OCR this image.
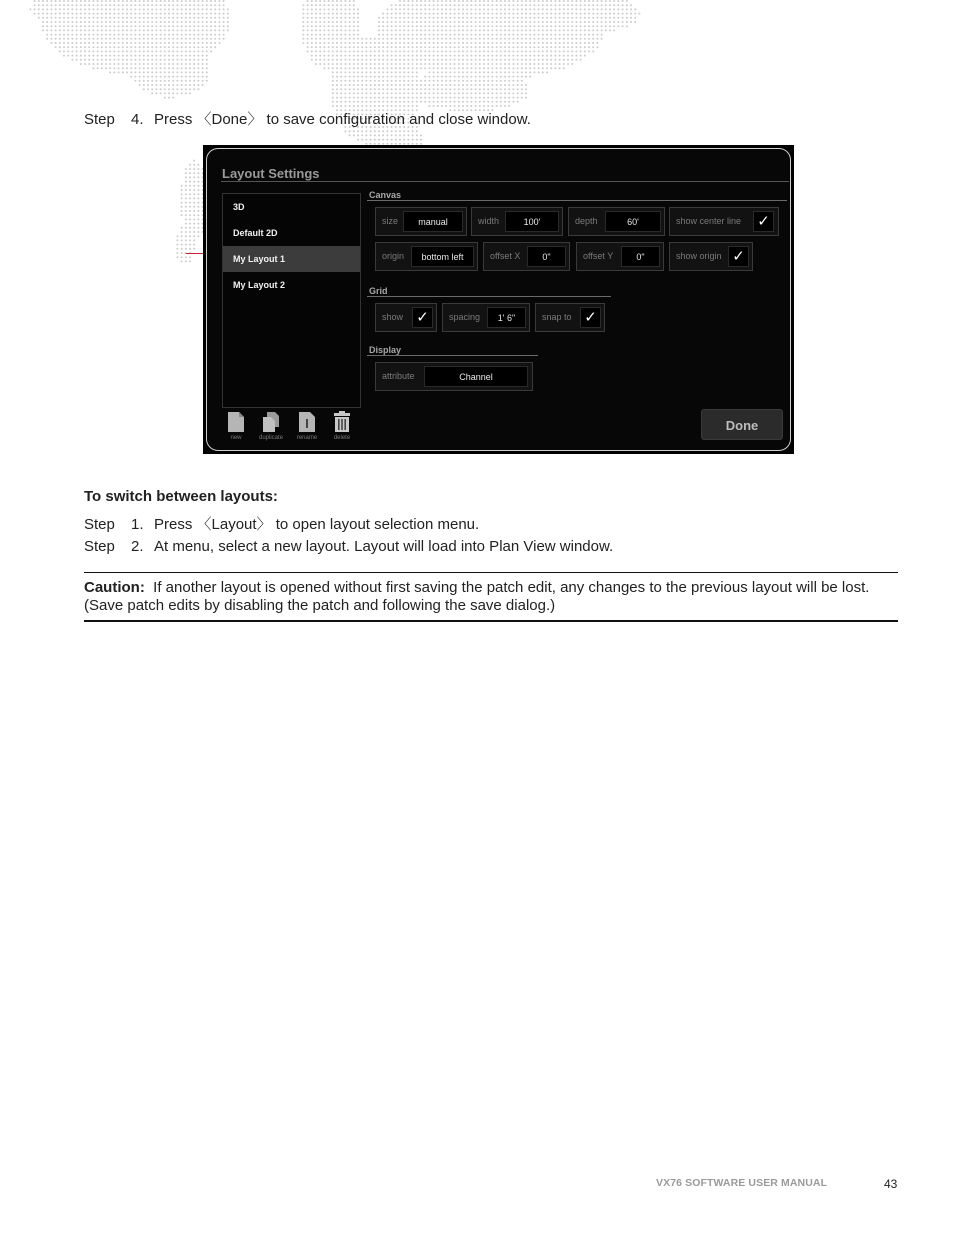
Step 4. Press 〈Done〉 to save configuration and close window.
Layout Settings
3D
Default 2D
My Layout 1
My Layout 2
new	duplicate	rename	delete
Canvas
size	manual	width	100'	depth	60'	show center line ✓
origin	bottom left	offset X	0"	offset Y	0"	show origin ✓
Grid
show ✓	spacing	1' 6"	snap to ✓
Display
attribute	Channel
Done
To switch between layouts:
Step 1. Press 〈Layout〉 to open layout selection menu.
Step 2. At menu, select a new layout. Layout will load into Plan View window.
Caution: If another layout is opened without first saving the patch edit, any changes to the previous layout will be lost. (Save patch edits by disabling the patch and following the save dialog.)
VX76 SOFTWARE USER MANUAL	43
